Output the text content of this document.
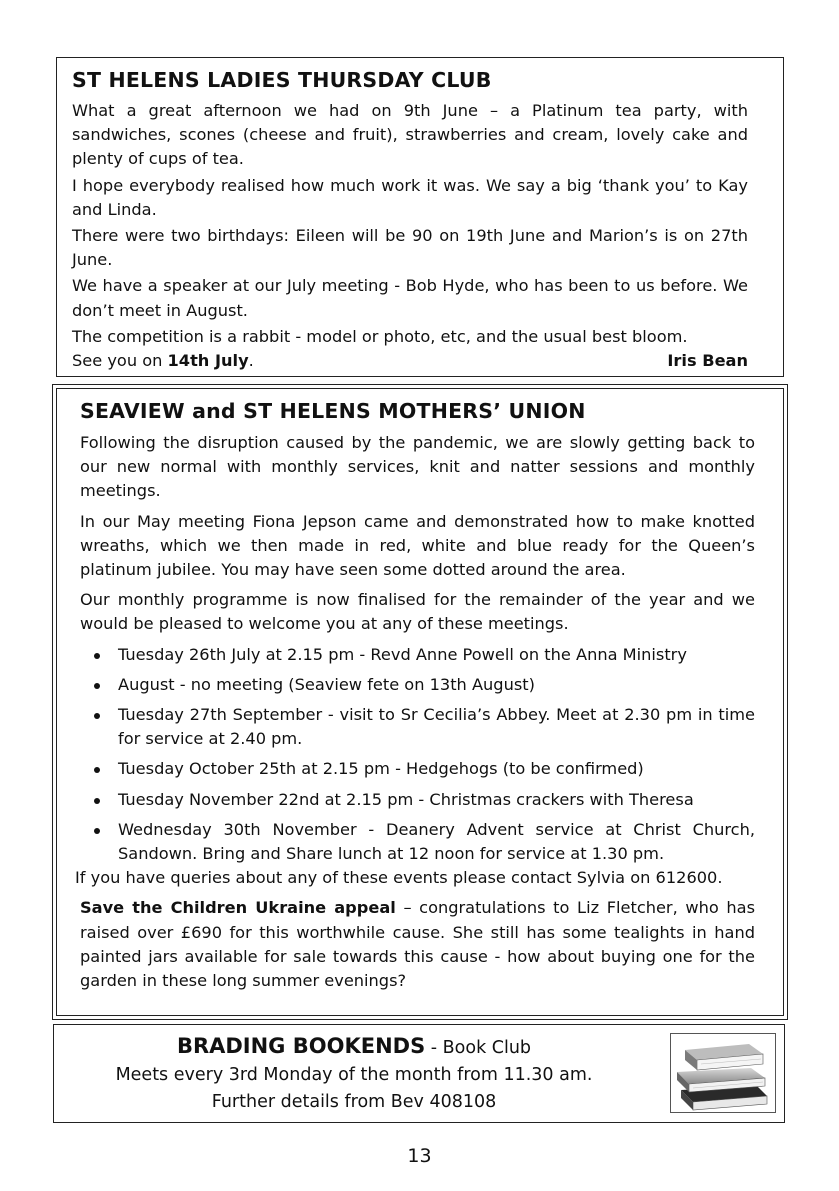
ST HELENS LADIES THURSDAY CLUB

What a great afternoon we had on 9th June – a Platinum tea party, with sandwiches, scones (cheese and fruit), strawberries and cream, lovely cake and plenty of cups of tea.

I hope everybody realised how much work it was. We say a big ‘thank you’ to Kay and Linda.

There were two birthdays: Eileen will be 90 on 19th June and Marion’s is on 27th June.

We have a speaker at our July meeting - Bob Hyde, who has been to us before. We don’t meet in August.

The competition is a rabbit - model or photo, etc, and the usual best bloom.

See you on 14th July.	Iris Bean
SEAVIEW and ST HELENS MOTHERS’ UNION

Following the disruption caused by the pandemic, we are slowly getting back to our new normal with monthly services, knit and natter sessions and monthly meetings.

In our May meeting Fiona Jepson came and demonstrated how to make knotted wreaths, which we then made in red, white and blue ready for the Queen’s platinum jubilee. You may have seen some dotted around the area.

Our monthly programme is now finalised for the remainder of the year and we would be pleased to welcome you at any of these meetings.

Tuesday 26th July at 2.15 pm - Revd Anne Powell on the Anna Ministry
August - no meeting (Seaview fete on 13th August)
Tuesday 27th September - visit to Sr Cecilia’s Abbey. Meet at 2.30 pm in time for service at 2.40 pm.
Tuesday October 25th at 2.15 pm - Hedgehogs (to be confirmed)
Tuesday November 22nd at 2.15 pm - Christmas crackers with Theresa
Wednesday 30th November - Deanery Advent service at Christ Church, Sandown. Bring and Share lunch at 12 noon for service at 1.30 pm.

If you have queries about any of these events please contact Sylvia on 612600.

Save the Children Ukraine appeal – congratulations to Liz Fletcher, who has raised over £690 for this worthwhile cause. She still has some tealights in hand painted jars available for sale towards this cause - how about buying one for the garden in these long summer evenings?

BRADING BOOKENDS - Book Club
Meets every 3rd Monday of the month from 11.30 am.
Further details from Bev 408108
13
